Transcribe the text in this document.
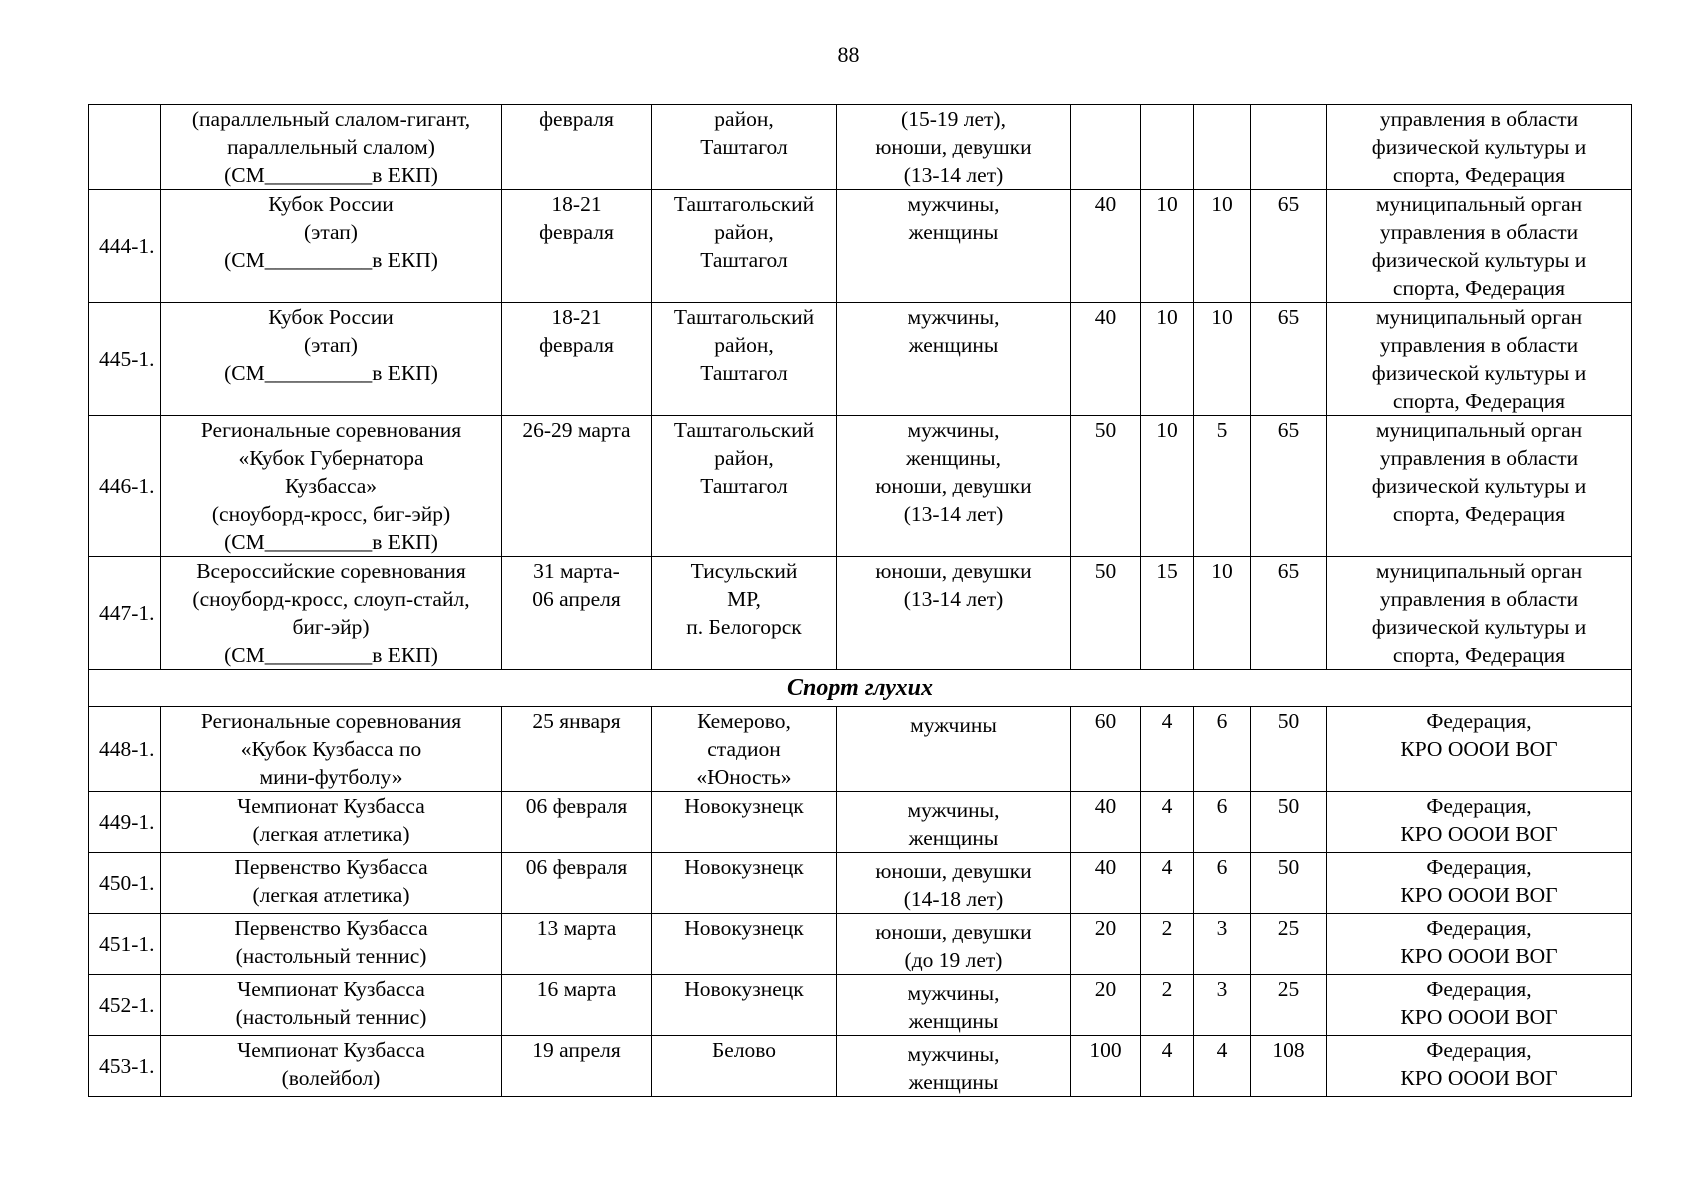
88

	(параллельный слалом-гигант,
параллельный слалом)
(СМ__________в ЕКП)	февраля	район,
Таштагол	(15-19 лет),
юноши, девушки
(13-14 лет)					управления в области
физической культуры и
спорта, Федерация

444-1.	Кубок России
(этап)
(СМ__________в ЕКП)	18-21
февраля	Таштагольский
район,
Таштагол	мужчины,
женщины	40	10	10	65	муниципальный орган
управления в области
физической культуры и
спорта, Федерация

445-1.	Кубок России
(этап)
(СМ__________в ЕКП)	18-21
февраля	Таштагольский
район,
Таштагол	мужчины,
женщины	40	10	10	65	муниципальный орган
управления в области
физической культуры и
спорта, Федерация

446-1.	Региональные соревнования
«Кубок Губернатора
Кузбасса»
(сноуборд-кросс, биг-эйр)
(СМ__________в ЕКП)	26-29 марта	Таштагольский
район,
Таштагол	мужчины,
женщины,
юноши, девушки
(13-14 лет)	50	10	5	65	муниципальный орган
управления в области
физической культуры и
спорта, Федерация

447-1.	Всероссийские соревнования
(сноуборд-кросс, слоуп-стайл,
биг-эйр)
(СМ__________в ЕКП)	31 марта-
06 апреля	Тисульский
МР,
п. Белогорск	юноши, девушки
(13-14 лет)	50	15	10	65	муниципальный орган
управления в области
физической культуры и
спорта, Федерация

Спорт глухих									
448-1.	Региональные соревнования
«Кубок Кузбасса по
мини-футболу»	25 января	Кемерово,
стадион
«Юность»	мужчины	60	4	6	50	Федерация,
КРО ОООИ ВОГ

449-1.	Чемпионат Кузбасса
(легкая атлетика)	06 февраля	Новокузнецк	мужчины,
женщины	40	4	6	50	Федерация,
КРО ОООИ ВОГ

450-1.	Первенство Кузбасса
(легкая атлетика)	06 февраля	Новокузнецк	юноши, девушки
(14-18 лет)	40	4	6	50	Федерация,
КРО ОООИ ВОГ

451-1.	Первенство Кузбасса
(настольный теннис)	13 марта	Новокузнецк	юноши, девушки
(до 19 лет)	20	2	3	25	Федерация,
КРО ОООИ ВОГ

452-1.	Чемпионат Кузбасса
(настольный теннис)	16 марта	Новокузнецк	мужчины,
женщины	20	2	3	25	Федерация,
КРО ОООИ ВОГ

453-1.	Чемпионат Кузбасса
(волейбол)	19 апреля	Белово	мужчины,
женщины	100	4	4	108	Федерация,
КРО ОООИ ВОГ
